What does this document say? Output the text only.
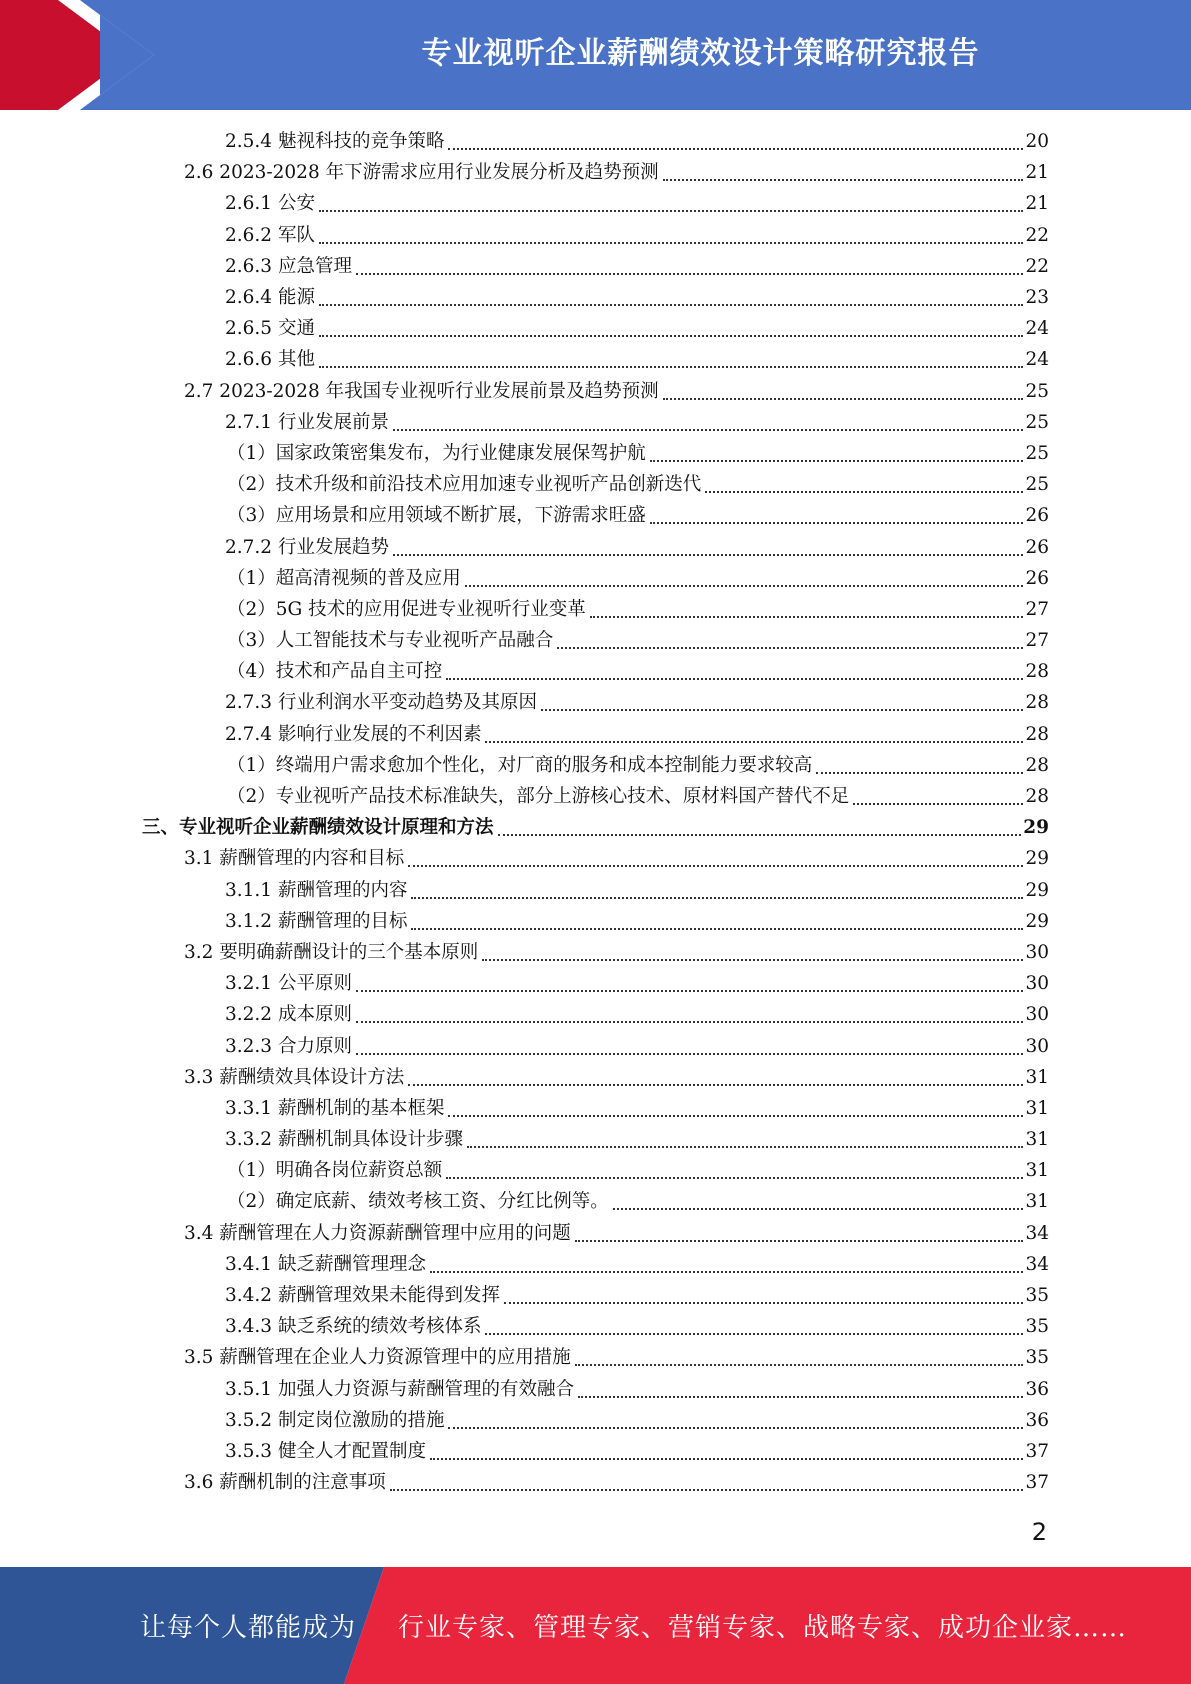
专业视听企业薪酬绩效设计策略研究报告
2.5.4 魅视科技的竞争策略	20
2.6 2023-2028 年下游需求应用行业发展分析及趋势预测	21
2.6.1 公安	21
2.6.2 军队	22
2.6.3 应急管理	22
2.6.4 能源	23
2.6.5 交通	24
2.6.6 其他	24
2.7 2023-2028 年我国专业视听行业发展前景及趋势预测	25
2.7.1 行业发展前景	25
（1）国家政策密集发布，为行业健康发展保驾护航	25
（2）技术升级和前沿技术应用加速专业视听产品创新迭代	25
（3）应用场景和应用领域不断扩展，下游需求旺盛	26
2.7.2 行业发展趋势	26
（1）超高清视频的普及应用	26
（2）5G 技术的应用促进专业视听行业变革	27
（3）人工智能技术与专业视听产品融合	27
（4）技术和产品自主可控	28
2.7.3 行业利润水平变动趋势及其原因	28
2.7.4 影响行业发展的不利因素	28
（1）终端用户需求愈加个性化，对厂商的服务和成本控制能力要求较高	28
（2）专业视听产品技术标准缺失，部分上游核心技术、原材料国产替代不足	28
三、专业视听企业薪酬绩效设计原理和方法	29
3.1 薪酬管理的内容和目标	29
3.1.1 薪酬管理的内容	29
3.1.2 薪酬管理的目标	29
3.2 要明确薪酬设计的三个基本原则	30
3.2.1 公平原则	30
3.2.2 成本原则	30
3.2.3 合力原则	30
3.3 薪酬绩效具体设计方法	31
3.3.1 薪酬机制的基本框架	31
3.3.2 薪酬机制具体设计步骤	31
（1）明确各岗位薪资总额	31
（2）确定底薪、绩效考核工资、分红比例等。	31
3.4 薪酬管理在人力资源薪酬管理中应用的问题	34
3.4.1 缺乏薪酬管理理念	34
3.4.2 薪酬管理效果未能得到发挥	35
3.4.3 缺乏系统的绩效考核体系	35
3.5 薪酬管理在企业人力资源管理中的应用措施	35
3.5.1 加强人力资源与薪酬管理的有效融合	36
3.5.2 制定岗位激励的措施	36
3.5.3 健全人才配置制度	37
3.6 薪酬机制的注意事项	37
2
让每个人都能成为 行业专家、管理专家、营销专家、战略专家、成功企业家……
